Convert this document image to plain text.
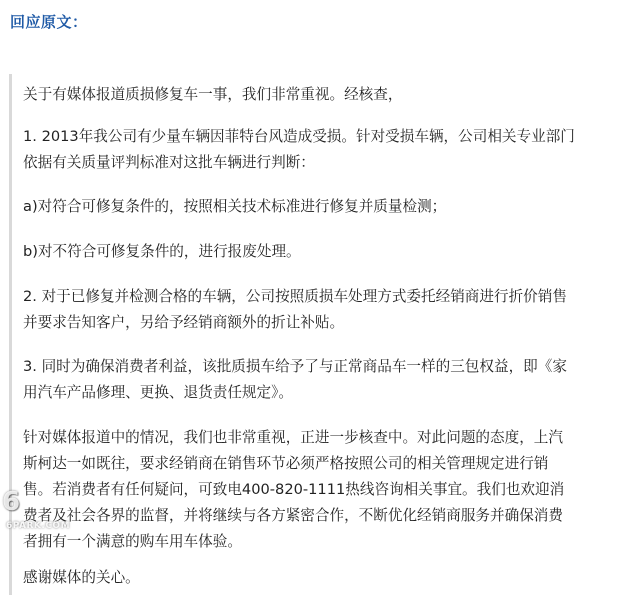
回应原文：
关于有媒体报道质损修复车一事，我们非常重视。经核查，
1. 2013年我公司有少量车辆因菲特台风造成受损。针对受损车辆，公司相关专业部门
依据有关质量评判标准对这批车辆进行判断：
a)对符合可修复条件的，按照相关技术标准进行修复并质量检测；
b)对不符合可修复条件的，进行报废处理。
2. 对于已修复并检测合格的车辆，公司按照质损车处理方式委托经销商进行折价销售
并要求告知客户，另给予经销商额外的折让补贴。
3. 同时为确保消费者利益，该批质损车给予了与正常商品车一样的三包权益，即《家
用汽车产品修理、更换、退货责任规定》。
针对媒体报道中的情况，我们也非常重视，正进一步核查中。对此问题的态度，上汽
斯柯达一如既往，要求经销商在销售环节必须严格按照公司的相关管理规定进行销
售。若消费者有任何疑问，可致电400-820-1111热线咨询相关事宜。我们也欢迎消
费者及社会各界的监督，并将继续与各方紧密合作，不断优化经销商服务并确保消费
者拥有一个满意的购车用车体验。
感谢媒体的关心。
6
6PARK.COM
